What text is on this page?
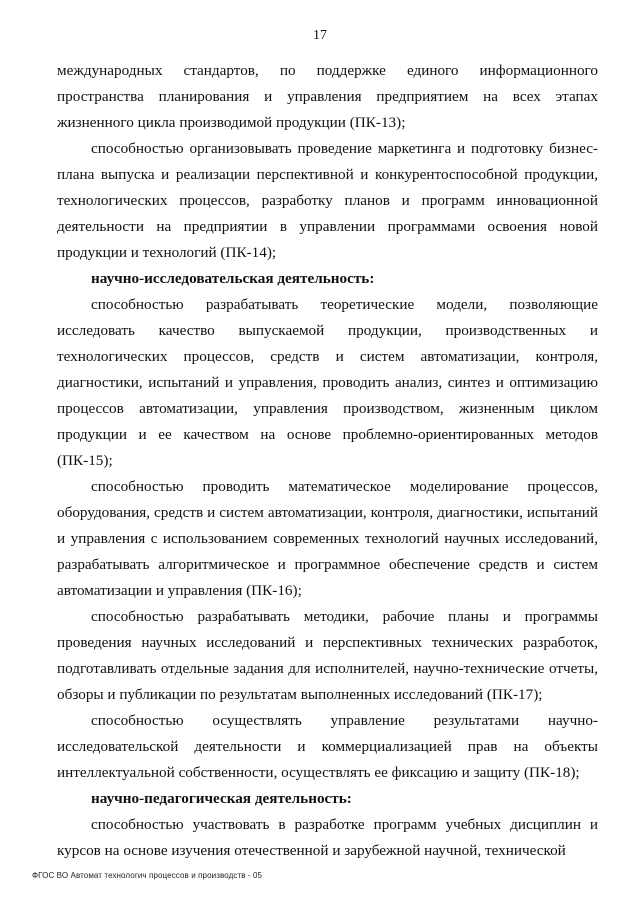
17

международных стандартов, по поддержке единого информационного пространства планирования и управления предприятием на всех этапах жизненного цикла производимой продукции (ПК-13);

способностью организовывать проведение маркетинга и подготовку бизнес-плана выпуска и реализации перспективной и конкурентоспособной продукции, технологических процессов, разработку планов и программ инновационной деятельности на предприятии в управлении программами освоения новой продукции и технологий (ПК-14);

научно-исследовательская деятельность:

способностью разрабатывать теоретические модели, позволяющие исследовать качество выпускаемой продукции, производственных и технологических процессов, средств и систем автоматизации, контроля, диагностики, испытаний и управления, проводить анализ, синтез и оптимизацию процессов автоматизации, управления производством, жизненным циклом продукции и ее качеством на основе проблемно-ориентированных методов (ПК-15);

способностью проводить математическое моделирование процессов, оборудования, средств и систем автоматизации, контроля, диагностики, испытаний и управления с использованием современных технологий научных исследований, разрабатывать алгоритмическое и программное обеспечение средств и систем автоматизации и управления (ПК-16);

способностью разрабатывать методики, рабочие планы и программы проведения научных исследований и перспективных технических разработок, подготавливать отдельные задания для исполнителей, научно-технические отчеты, обзоры и публикации по результатам выполненных исследований (ПК-17);

способностью осуществлять управление результатами научно-исследовательской деятельности и коммерциализацией прав на объекты интеллектуальной собственности, осуществлять ее фиксацию и защиту (ПК-18);

научно-педагогическая деятельность:

способностью участвовать в разработке программ учебных дисциплин и курсов на основе изучения отечественной и зарубежной научной, технической

ФГОС ВО Автомат технологич процессов и производств - 05
